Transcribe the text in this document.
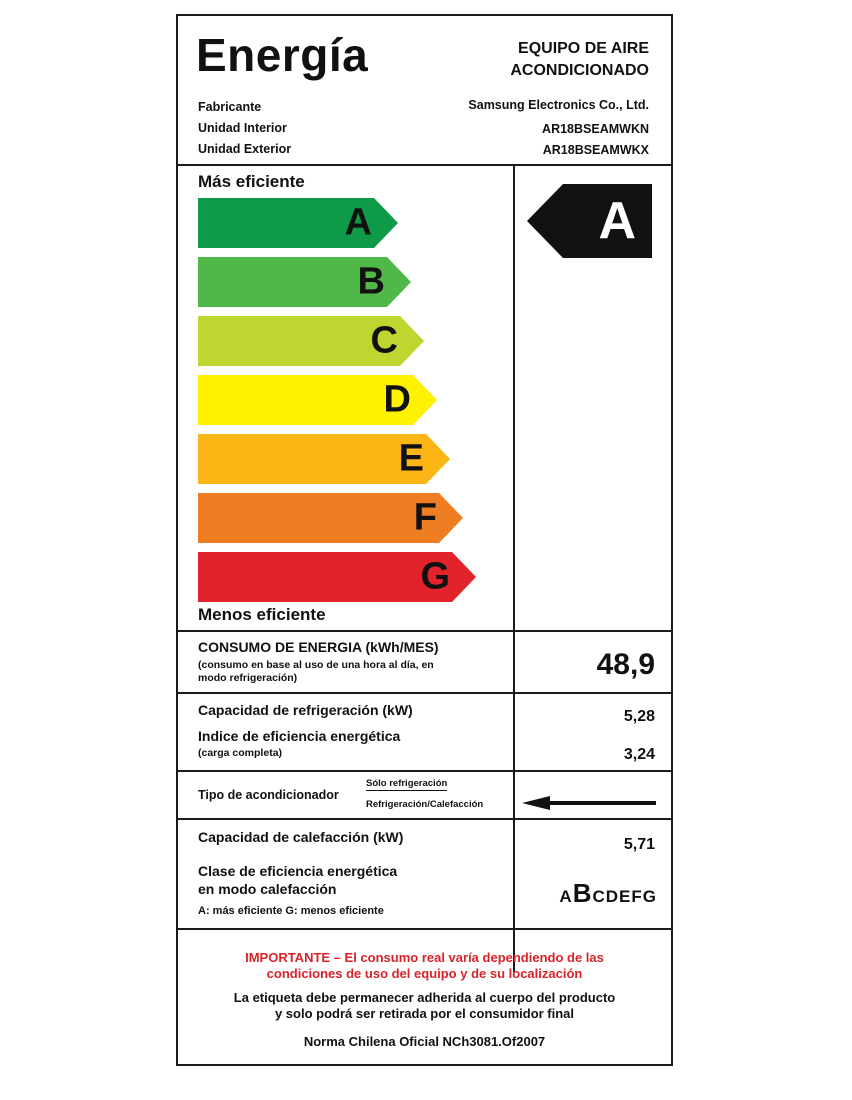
Energía	EQUIPO DE AIRE
ACONDICIONADO
Fabricante	Samsung Electronics Co., Ltd.
Unidad Interior	AR18BSEAMWKN
Unidad Exterior	AR18BSEAMWKX
Más eficiente
A
B
C
D
E
F
G
Menos eficiente
A
CONSUMO DE ENERGIA (kWh/MES)
(consumo en base al uso de una hora al día, en
modo refrigeración)	48,9
Capacidad de refrigeración (kW)	5,28
Indice de eficiencia energética
(carga completa)	3,24
Tipo de acondicionador
Sólo refrigeración
Refrigeración/Calefacción
Capacidad de calefacción (kW)	5,71
Clase de eficiencia energética
en modo calefacción
A: más eficiente G: menos eficiente
ABCDEFG
IMPORTANTE – El consumo real varía dependiendo de las
condiciones de uso del equipo y de su localización
La etiqueta debe permanecer adherida al cuerpo del producto
y solo podrá ser retirada por el consumidor final
Norma Chilena Oficial NCh3081.Of2007
